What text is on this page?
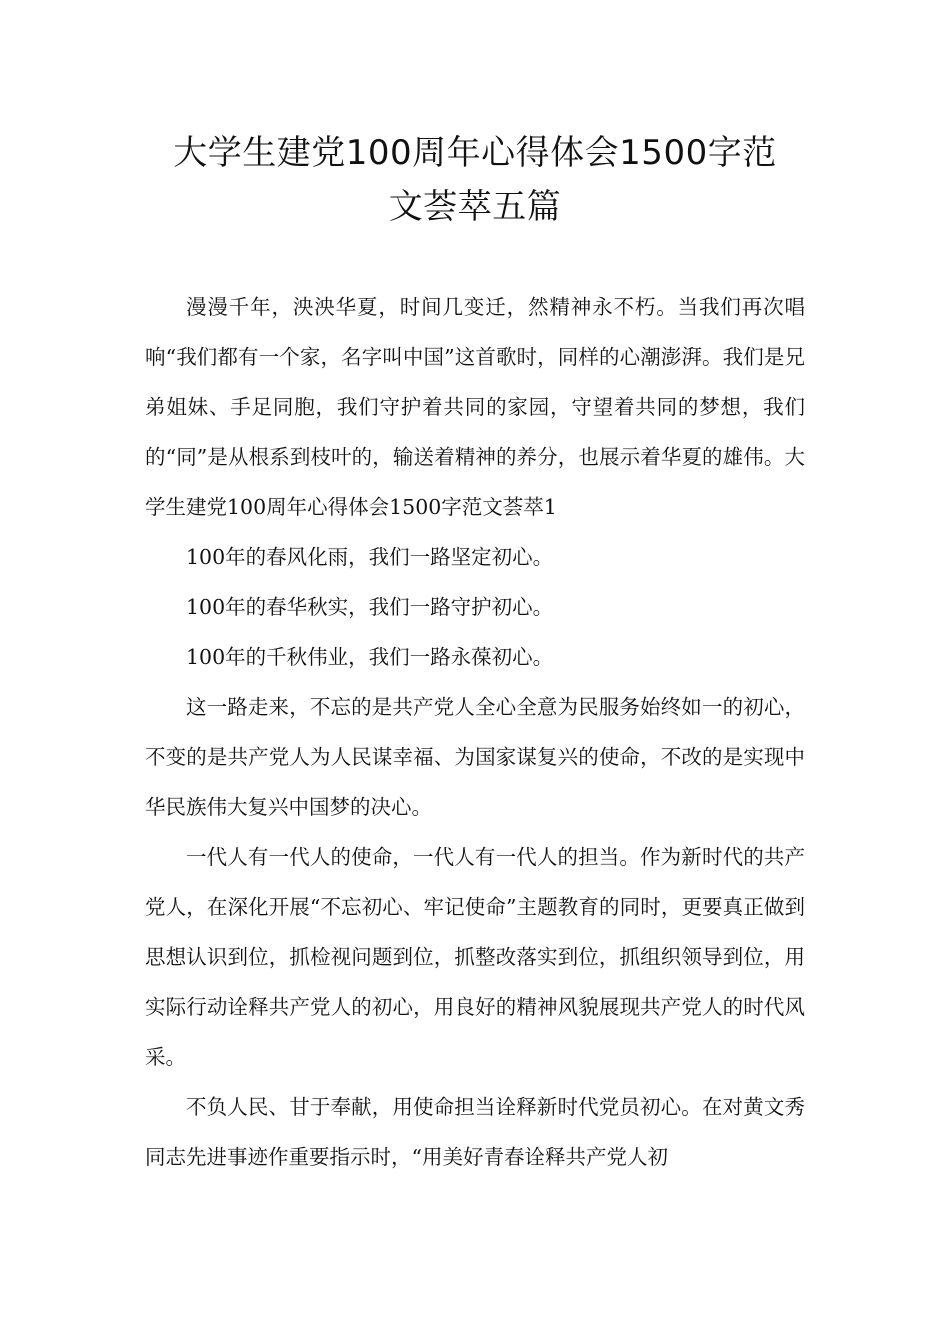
大学生建党100周年心得体会1500字范
文荟萃五篇

漫漫千年，泱泱华夏，时间几变迁，然精神永不朽。当我们再次唱响“我们都有一个家，名字叫中国”这首歌时，同样的心潮澎湃。我们是兄弟姐妹、手足同胞，我们守护着共同的家园，守望着共同的梦想，我们的“同”是从根系到枝叶的，输送着精神的养分，也展示着华夏的雄伟。大学生建党100周年心得体会1500字范文荟萃1

100年的春风化雨，我们一路坚定初心。

100年的春华秋实，我们一路守护初心。

100年的千秋伟业，我们一路永葆初心。

这一路走来，不忘的是共产党人全心全意为民服务始终如一的初心，不变的是共产党人为人民谋幸福、为国家谋复兴的使命，不改的是实现中华民族伟大复兴中国梦的决心。

一代人有一代人的使命，一代人有一代人的担当。作为新时代的共产党人，在深化开展“不忘初心、牢记使命”主题教育的同时，更要真正做到思想认识到位，抓检视问题到位，抓整改落实到位，抓组织领导到位，用实际行动诠释共产党人的初心，用良好的精神风貌展现共产党人的时代风采。

不负人民、甘于奉献，用使命担当诠释新时代党员初心。在对黄文秀同志先进事迹作重要指示时，“用美好青春诠释共产党人初
